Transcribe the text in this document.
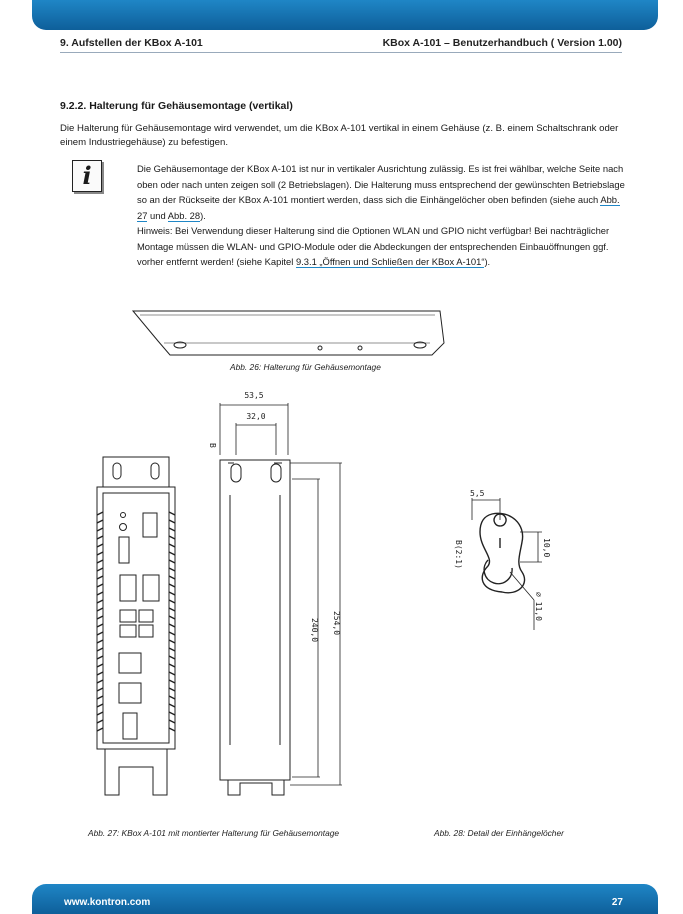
9. Aufstellen der KBox A-101	KBox A-101 – Benutzerhandbuch ( Version 1.00)
9.2.2. Halterung für Gehäusemontage (vertikal)
Die Halterung für Gehäusemontage wird verwendet, um die KBox A-101 vertikal in einem Gehäuse (z. B. einem Schaltschrank oder einem Industriegehäuse) zu befestigen.
i	Die Gehäusemontage der KBox A-101 ist nur in vertikaler Ausrichtung zulässig. Es ist frei wählbar, welche Seite nach oben oder nach unten zeigen soll (2 Betriebslagen). Die Halterung muss entsprechend der gewünschten Betriebslage so an der Rückseite der KBox A-101 montiert werden, dass sich die Einhängelöcher oben befinden (siehe auch Abb. 27 und Abb. 28).

Hinweis: Bei Verwendung dieser Halterung sind die Optionen WLAN und GPIO nicht verfügbar! Bei nachträglicher Montage müssen die WLAN- und GPIO-Module oder die Abdeckungen der entsprechenden Einbauöffnungen ggf. vorher entfernt werden! (siehe Kapitel 9.3.1 „Öffnen und Schließen der KBox A-101“).

Abb. 26: Halterung für Gehäusemontage
53,5
32,0
B
240,0 254,0
5,5
10,0
B(2:1)
⌀ 11,0
Abb. 27: KBox A-101 mit montierter Halterung für Gehäusemontage	Abb. 28: Detail der Einhängelöcher
www.kontron.com	27
